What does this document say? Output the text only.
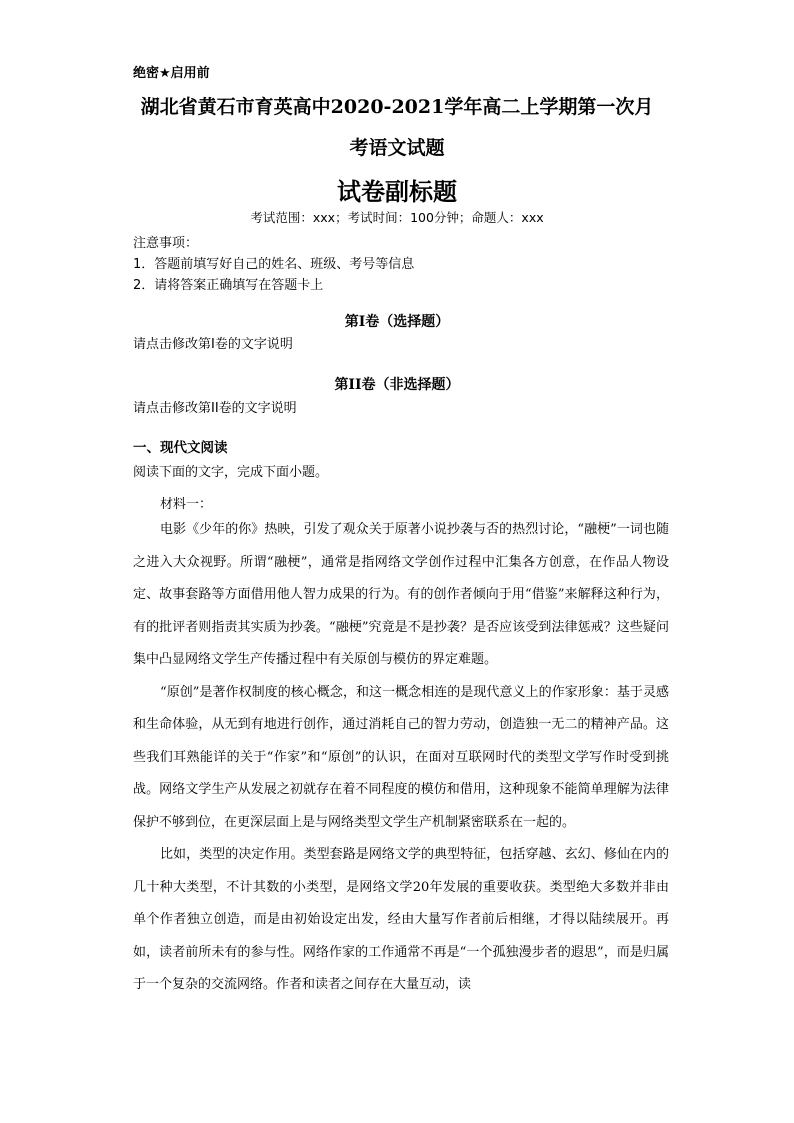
绝密★启用前
湖北省黄石市育英高中2020-2021学年高二上学期第一次月
考语文试题
试卷副标题
考试范围：xxx；考试时间：100分钟；命题人：xxx
注意事项：
1．答题前填写好自己的姓名、班级、考号等信息
2．请将答案正确填写在答题卡上
第I卷（选择题）
请点击修改第I卷的文字说明
第II卷（非选择题）
请点击修改第II卷的文字说明
一、现代文阅读
阅读下面的文字，完成下面小题。
材料一：

电影《少年的你》热映，引发了观众关于原著小说抄袭与否的热烈讨论，“融梗”一词也随之进入大众视野。所谓“融梗”，通常是指网络文学创作过程中汇集各方创意，在作品人物设定、故事套路等方面借用他人智力成果的行为。有的创作者倾向于用“借鉴”来解释这种行为，有的批评者则指责其实质为抄袭。“融梗”究竟是不是抄袭？是否应该受到法律惩戒？这些疑问集中凸显网络文学生产传播过程中有关原创与模仿的界定难题。

“原创”是著作权制度的核心概念，和这一概念相连的是现代意义上的作家形象：基于灵感和生命体验，从无到有地进行创作，通过消耗自己的智力劳动，创造独一无二的精神产品。这些我们耳熟能详的关于“作家”和“原创”的认识，在面对互联网时代的类型文学写作时受到挑战。网络文学生产从发展之初就存在着不同程度的模仿和借用，这种现象不能简单理解为法律保护不够到位，在更深层面上是与网络类型文学生产机制紧密联系在一起的。

比如，类型的决定作用。类型套路是网络文学的典型特征，包括穿越、玄幻、修仙在内的几十种大类型，不计其数的小类型，是网络文学20年发展的重要收获。类型绝大多数并非由单个作者独立创造，而是由初始设定出发，经由大量写作者前后相继，才得以陆续展开。再如，读者前所未有的参与性。网络作家的工作通常不再是“一个孤独漫步者的遐思”，而是归属于一个复杂的交流网络。作者和读者之间存在大量互动，读
